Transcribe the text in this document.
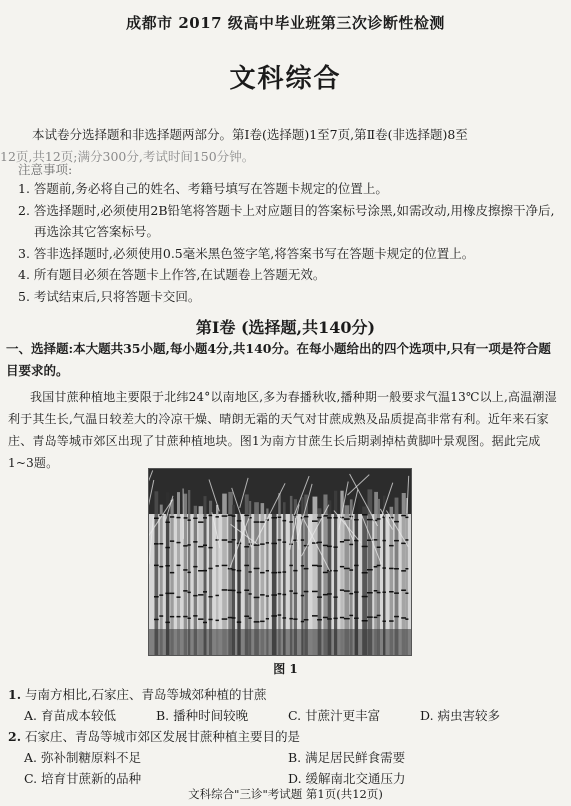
成都市 2017 级高中毕业班第三次诊断性检测
文科综合
本试卷分选择题和非选择题两部分。第Ⅰ卷(选择题)1至7页,第Ⅱ卷(非选择题)8至
12页,共12页;满分300分,考试时间150分钟。
注意事项:
1. 答题前,务必将自己的姓名、考籍号填写在答题卡规定的位置上。
2. 答选择题时,必须使用2B铅笔将答题卡上对应题目的答案标号涂黑,如需改动,用橡皮擦擦干净后,再选涂其它答案标号。
3. 答非选择题时,必须使用0.5毫米黑色签字笔,将答案书写在答题卡规定的位置上。
4. 所有题目必须在答题卡上作答,在试题卷上答题无效。
5. 考试结束后,只将答题卡交回。
第Ⅰ卷 (选择题,共140分)
一、选择题:本大题共35小题,每小题4分,共140分。在每小题给出的四个选项中,只有一项是符合题目要求的。
我国甘蔗种植地主要限于北纬24°以南地区,多为春播秋收,播种期一般要求气温13℃以上,高温潮湿利于其生长,气温日较差大的冷凉干燥、晴朗无霜的天气对甘蔗成熟及品质提高非常有利。近年来石家庄、青岛等城市郊区出现了甘蔗种植地块。图1为南方甘蔗生长后期剥掉枯黄脚叶景观图。据此完成1~3题。
图 1
1. 与南方相比,石家庄、青岛等城郊种植的甘蔗
A. 育苗成本较低	B. 播种时间较晚	C. 甘蔗汁更丰富	D. 病虫害较多
2. 石家庄、青岛等城市郊区发展甘蔗种植主要目的是
A. 弥补制糖原料不足	B. 满足居民鲜食需要
C. 培育甘蔗新的品种	D. 缓解南北交通压力
文科综合"三诊"考试题 第1页(共12页)
